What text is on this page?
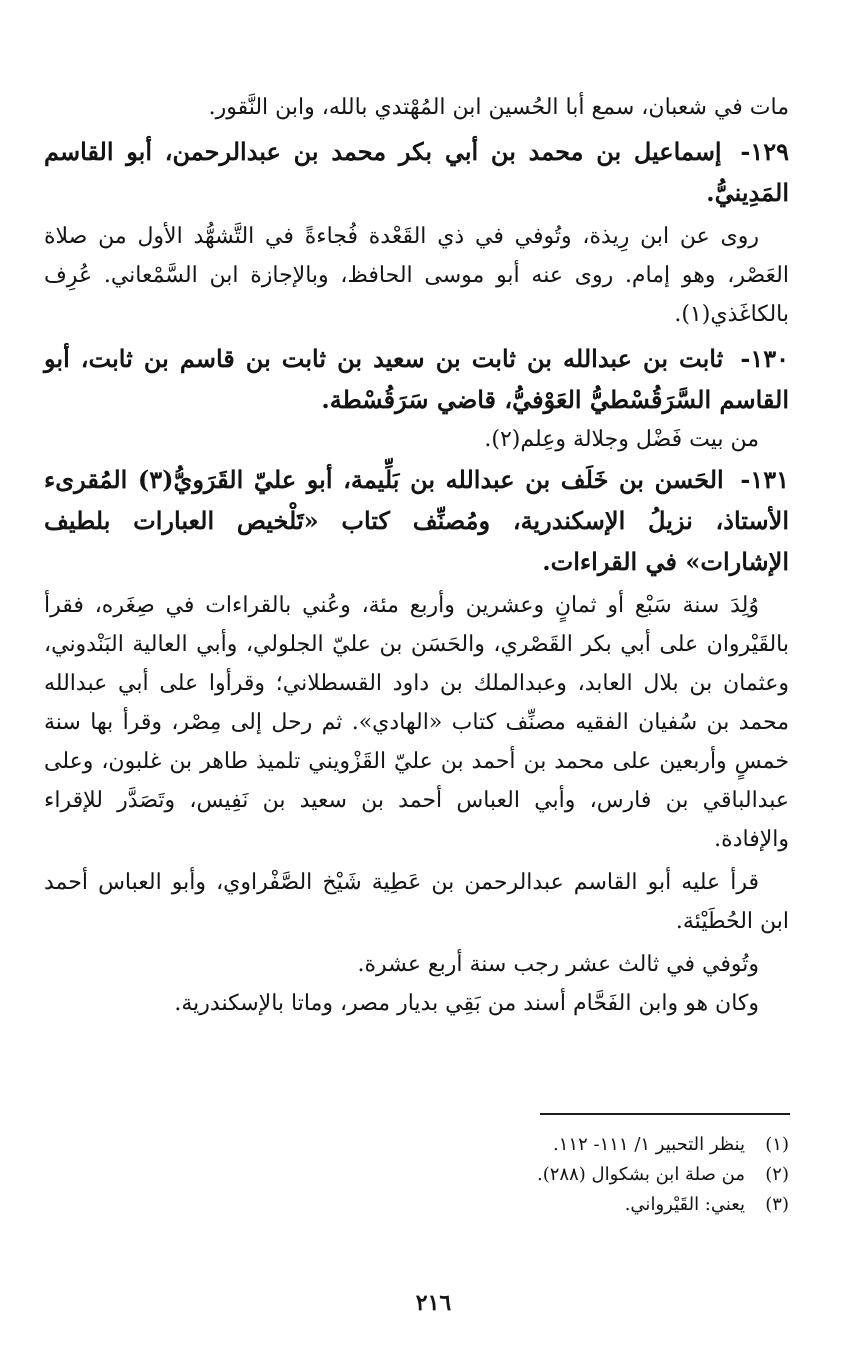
مات في شعبان، سمع أبا الحُسين ابن المُهْتدي بالله، وابن النَّقور.

١٢٩- إسماعيل بن محمد بن أبي بكر محمد بن عبدالرحمن، أبو القاسم المَدِينيُّ.

روى عن ابن رِيذة، وتُوفي في ذي القَعْدة فُجاءةً في التَّشهُّد الأول من صلاة العَصْر، وهو إمام. روى عنه أبو موسى الحافظ، وبالإجازة ابن السَّمْعاني. عُرِف بالكاغَذي(١).

١٣٠- ثابت بن عبدالله بن ثابت بن سعيد بن ثابت بن قاسم بن ثابت، أبو القاسم السَّرَقُسْطيُّ العَوْفيُّ، قاضي سَرَقُسْطة.

من بيت فَضْل وجلالة وعِلم(٢).

١٣١- الحَسن بن خَلَف بن عبدالله بن بَلِّيمة، أبو عليّ القَرَويُّ(٣) المُقرىء الأستاذ، نزيلُ الإسكندرية، ومُصنِّف كتاب «تَلْخيص العبارات بلطيف الإشارات» في القراءات.

وُلِدَ سنة سَبْع أو ثمانٍ وعشرين وأربع مئة، وعُني بالقراءات في صِغَره، فقرأ بالقَيْروان على أبي بكر القَصْري، والحَسَن بن عليّ الجلولي، وأبي العالية البَنْدوني، وعثمان بن بلال العابد، وعبدالملك بن داود القسطلاني؛ وقرأوا على أبي عبدالله محمد بن سُفيان الفقيه مصنِّف كتاب «الهادي». ثم رحل إلى مِصْر، وقرأ بها سنة خمسٍ وأربعين على محمد بن أحمد بن عليّ القَزْويني تلميذ طاهر بن غلبون، وعلى عبدالباقي بن فارس، وأبي العباس أحمد بن سعيد بن نَفِيس، وتَصَدَّر للإقراء والإفادة.

قرأ عليه أبو القاسم عبدالرحمن بن عَطِية شَيْخ الصَّفْراوي، وأبو العباس أحمد ابن الحُطَيْئة.

وتُوفي في ثالث عشر رجب سنة أربع عشرة.

وكان هو وابن الفَحَّام أسند من بَقِي بديار مصر، وماتا بالإسكندرية.

(١)
ينظر التحبير ١/ ١١١- ١١٢.
(٢)
من صلة ابن بشكوال (٢٨٨).
(٣)
يعني: القَيْرواني.
٢١٦
